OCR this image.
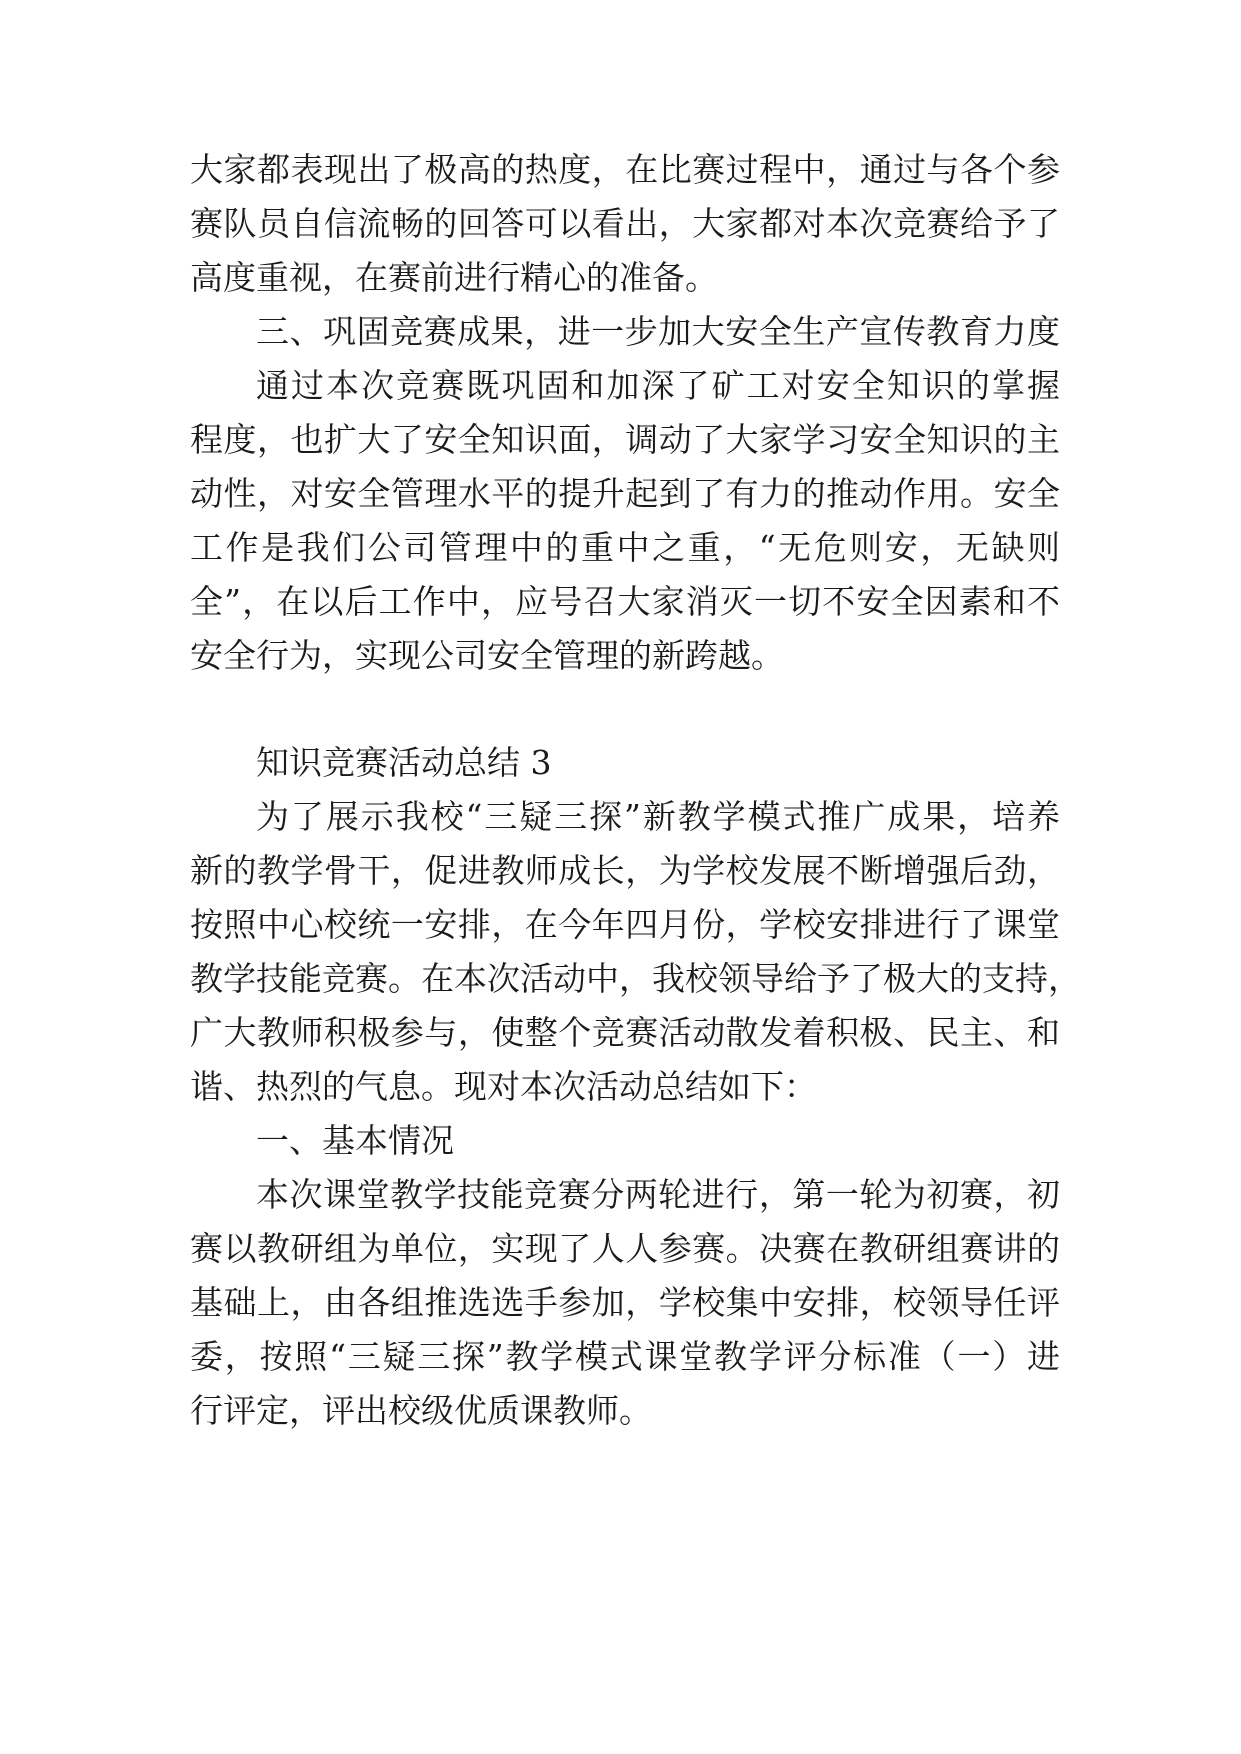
大家都表现出了极高的热度，在比赛过程中，通过与各个参
赛队员自信流畅的回答可以看出，大家都对本次竞赛给予了
高度重视，在赛前进行精心的准备。
三、巩固竞赛成果，进一步加大安全生产宣传教育力度
通过本次竞赛既巩固和加深了矿工对安全知识的掌握
程度，也扩大了安全知识面，调动了大家学习安全知识的主
动性，对安全管理水平的提升起到了有力的推动作用。安全
工作是我们公司管理中的重中之重，“无危则安，无缺则
全”，在以后工作中，应号召大家消灭一切不安全因素和不
安全行为，实现公司安全管理的新跨越。
知识竞赛活动总结 3
为了展示我校“三疑三探”新教学模式推广成果，培养
新的教学骨干，促进教师成长，为学校发展不断增强后劲，
按照中心校统一安排，在今年四月份，学校安排进行了课堂
教学技能竞赛。在本次活动中，我校领导给予了极大的支持，
广大教师积极参与，使整个竞赛活动散发着积极、民主、和
谐、热烈的气息。现对本次活动总结如下：
一、基本情况
本次课堂教学技能竞赛分两轮进行，第一轮为初赛，初
赛以教研组为单位，实现了人人参赛。决赛在教研组赛讲的
基础上，由各组推选选手参加，学校集中安排，校领导任评
委，按照“三疑三探”教学模式课堂教学评分标准（一）进
行评定，评出校级优质课教师。
